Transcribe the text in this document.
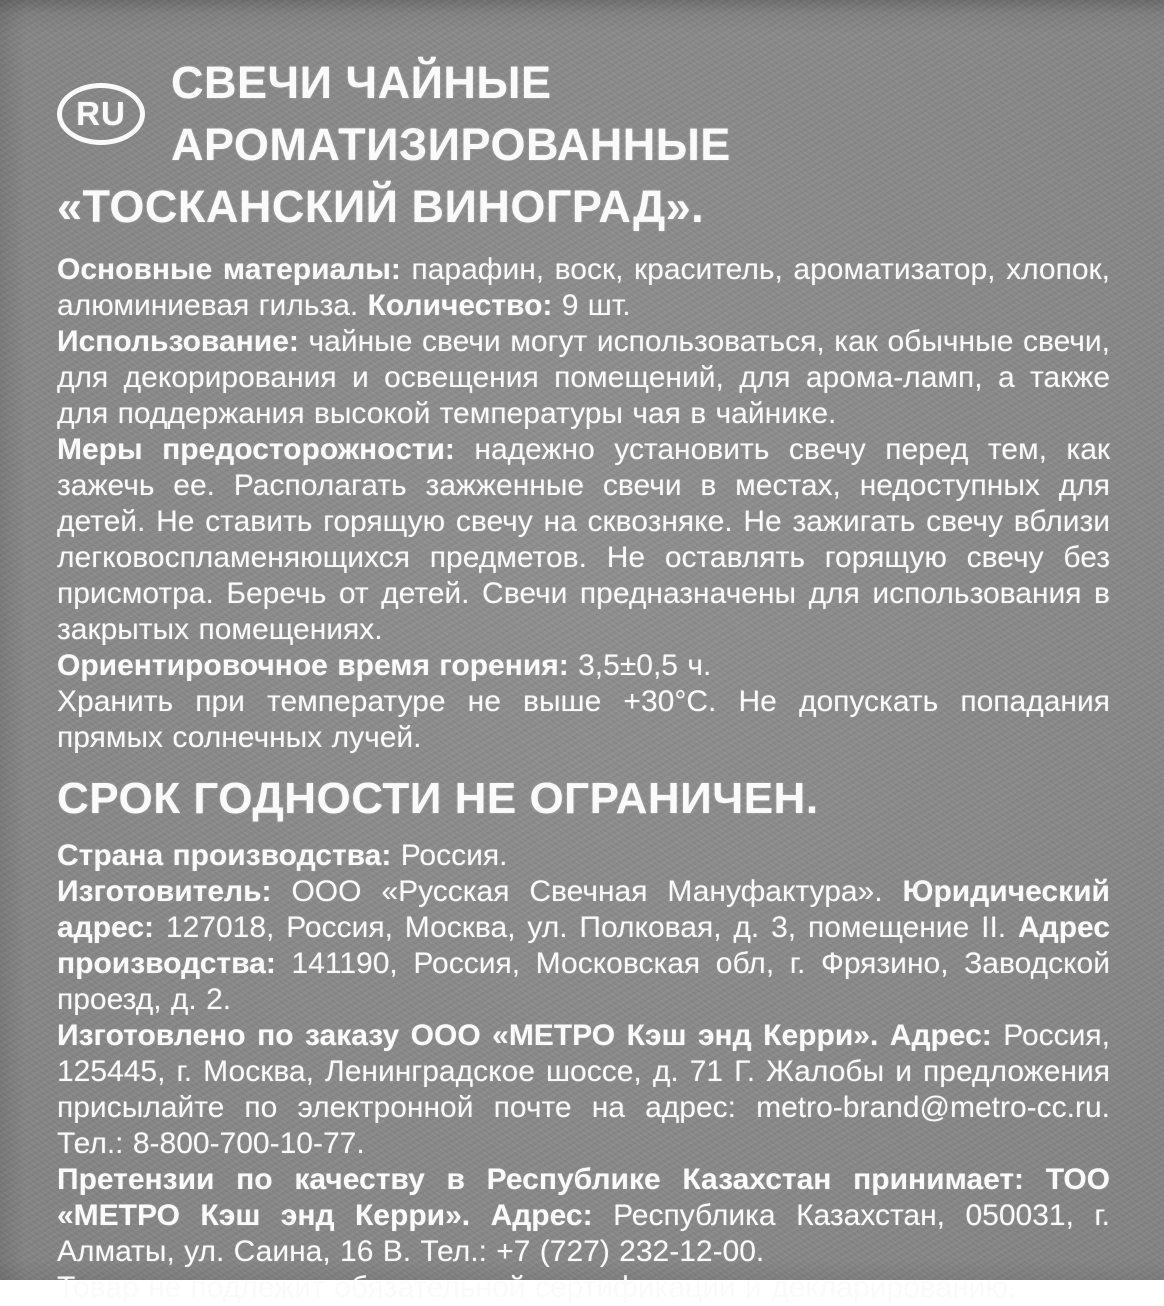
RU
СВЕЧИ ЧАЙНЫЕ АРОМАТИЗИРОВАННЫЕ
«ТОСКАНСКИЙ ВИНОГРАД».

Основные материалы: парафин, воск, краситель, ароматизатор, хлопок, алюминиевая гильза. Количество: 9 шт.

Использование: чайные свечи могут использоваться, как обычные свечи, для декорирования и освещения помещений, для арома-ламп, а также для поддержания высокой температуры чая в чайнике.

Меры предосторожности: надежно установить свечу перед тем, как зажечь ее. Располагать зажженные свечи в местах, недоступных для детей. Не ставить горящую свечу на сквозняке. Не зажигать свечу вблизи легковоспламеняющихся предметов. Не оставлять горящую свечу без присмотра. Беречь от детей. Свечи предназначены для использования в закрытых помещениях.

Ориентировочное время горения: 3,5±0,5 ч.

Хранить при температуре не выше +30°С. Не допускать попадания прямых солнечных лучей.

СРОК ГОДНОСТИ НЕ ОГРАНИЧЕН.

Страна производства: Россия.

Изготовитель: ООО «Русская Свечная Мануфактура». Юридический адрес: 127018, Россия, Москва, ул. Полковая, д. 3, помещение II. Адрес производства: 141190, Россия, Московская обл, г. Фрязино, Заводской проезд, д. 2.

Изготовлено по заказу ООО «МЕТРО Кэш энд Керри». Адрес: Россия, 125445, г. Москва, Ленинградское шоссе, д. 71 Г. Жалобы и предложения присылайте по электронной почте на адрес: metro-brand@metro-cc.ru. Тел.: 8-800-700-10-77.

Претензии по качеству в Республике Казахстан принимает: ТОО «МЕТРО Кэш энд Керри». Адрес: Республика Казахстан, 050031, г. Алматы, ул. Саина, 16 В. Тел.: +7 (727) 232-12-00.

Товар не подлежит обязательной сертификации и декларированию.
